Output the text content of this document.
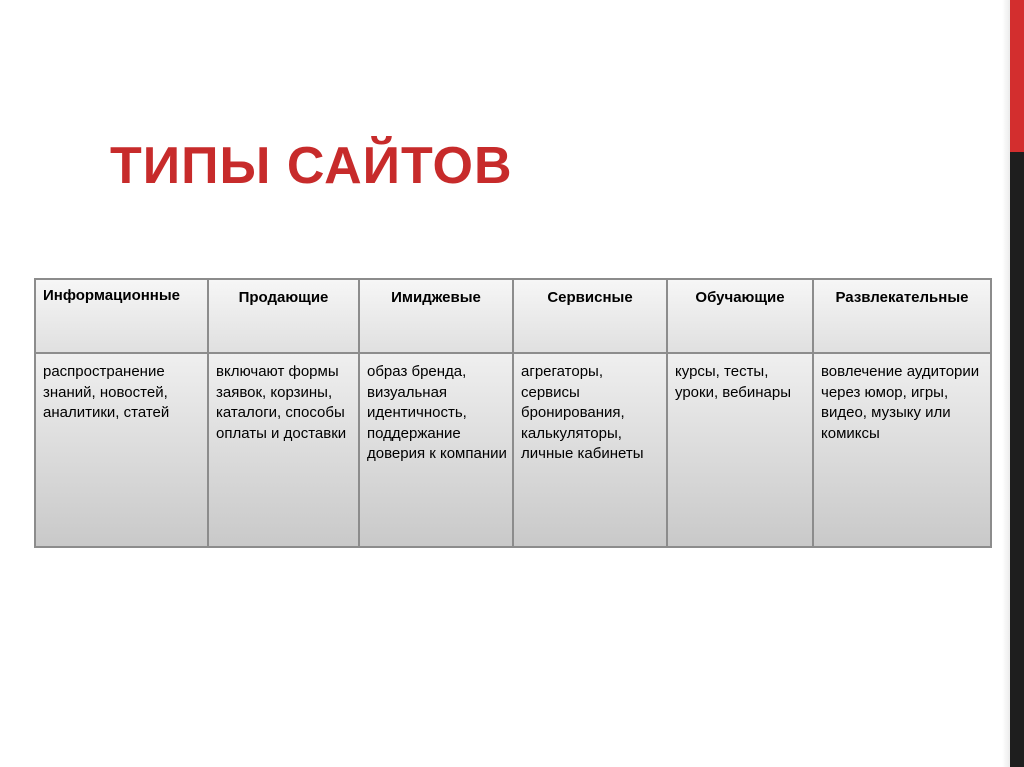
ТИПЫ САЙТОВ
Информационные	Продающие	Имиджевые	Сервисные	Обучающие	Развлекательные
распространение знаний, новостей, аналитики, статей	включают формы заявок, корзины, каталоги, способы оплаты и доставки	образ бренда, визуальная идентичность, поддержание доверия к компании	агрегаторы, сервисы бронирования, калькуляторы, личные кабинеты	курсы, тесты, уроки, вебинары	вовлечение аудитории через юмор, игры, видео, музыку или комиксы
